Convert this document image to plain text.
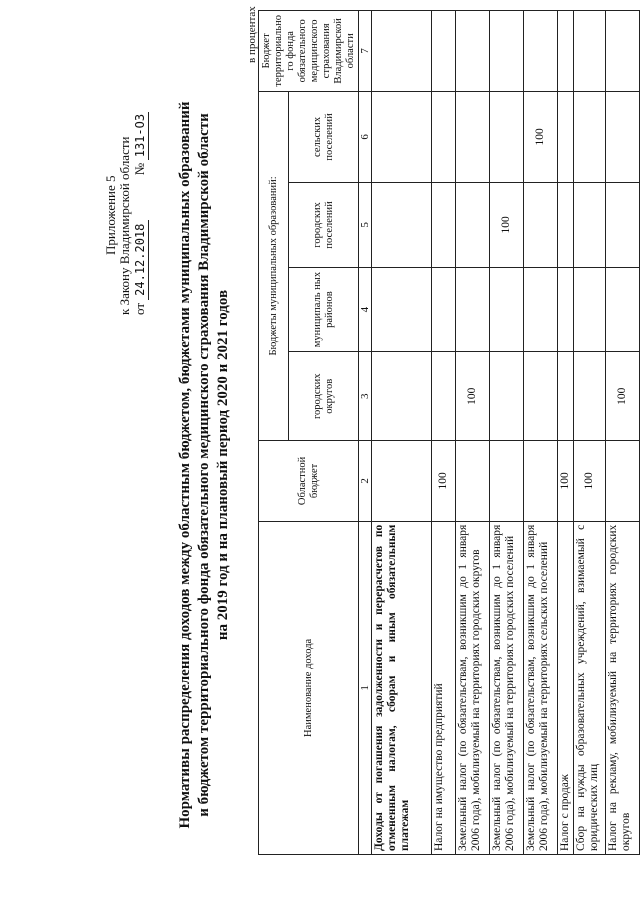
Приложение 5 к Закону Владимирской области от 24.12.2018  № 131-ОЗ Нормативы распределения доходов между областным бюджетом, бюджетами муниципальных образований и бюджетом территориального фонда обязательного медицинского страхования Владимирской области на 2019 год и на плановый период 2020 и 2021 годов
в процентах
Наименование дохода	Областной бюджет	Бюджеты муниципальных образований:				Бюджет территориально го фонда обязательного медицинского страхования Владимирской области
		городских округов	муниципаль ных районов	городских поселений	сельских поселений	
1	2	3	4	5	6	7
Доходы от погашения задолженности и перерасчетов по отмененным налогам, сборам и иным обязательным платежам						
Налог на имущество предприятий	100					
Земельный налог (по обязательствам, возникшим до 1 января 2006 года), мобилизуемый на территориях городских округов		100				
Земельный налог (по обязательствам, возникшим до 1 января 2006 года), мобилизуемый на территориях городских поселений				100		
Земельный налог (по обязательствам, возникшим до 1 января 2006 года), мобилизуемый на территориях сельских поселений					100	
Налог с продаж	100					
Сбор на нужды образовательных учреждений, взимаемый с юридических лиц	100					
Налог на рекламу, мобилизуемый на территориях городских округов		100				
